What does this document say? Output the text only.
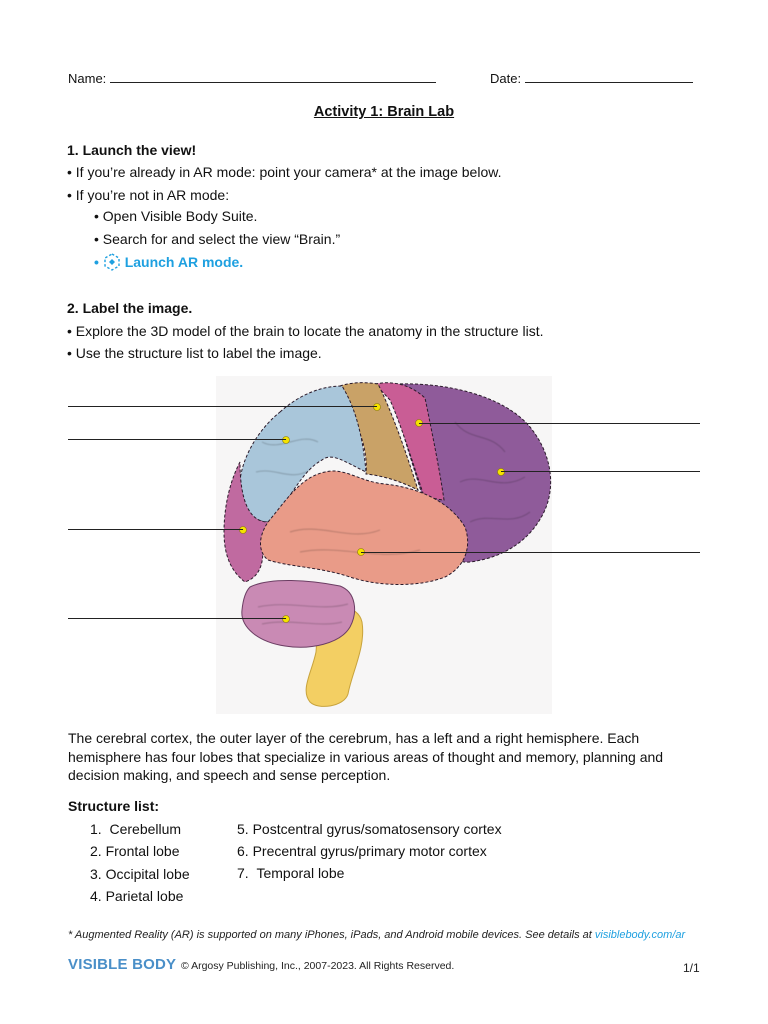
Name:	Date:
Activity 1: Brain Lab
1. Launch the view!
• If you’re already in AR mode: point your camera* at the image below.
• If you’re not in AR mode:
• Open Visible Body Suite.
• Search for and select the view “Brain.”
•  Launch AR mode.
2. Label the image.
• Explore the 3D model of the brain to locate the anatomy in the structure list.
• Use the structure list to label the image.
The cerebral cortex, the outer layer of the cerebrum, has a left and a right hemisphere. Each hemisphere has four lobes that specialize in various areas of thought and memory, planning and decision making, and speech and sense perception.
Structure list:
1. Cerebellum
2. Frontal lobe
3. Occipital lobe
4. Parietal lobe
5. Postcentral gyrus/somatosensory cortex
6. Precentral gyrus/primary motor cortex
7. Temporal lobe
* Augmented Reality (AR) is supported on many iPhones, iPads, and Android mobile devices. See details at visiblebody.com/ar
VISIBLE BODY © Argosy Publishing, Inc., 2007-2023. All Rights Reserved.	1/1
